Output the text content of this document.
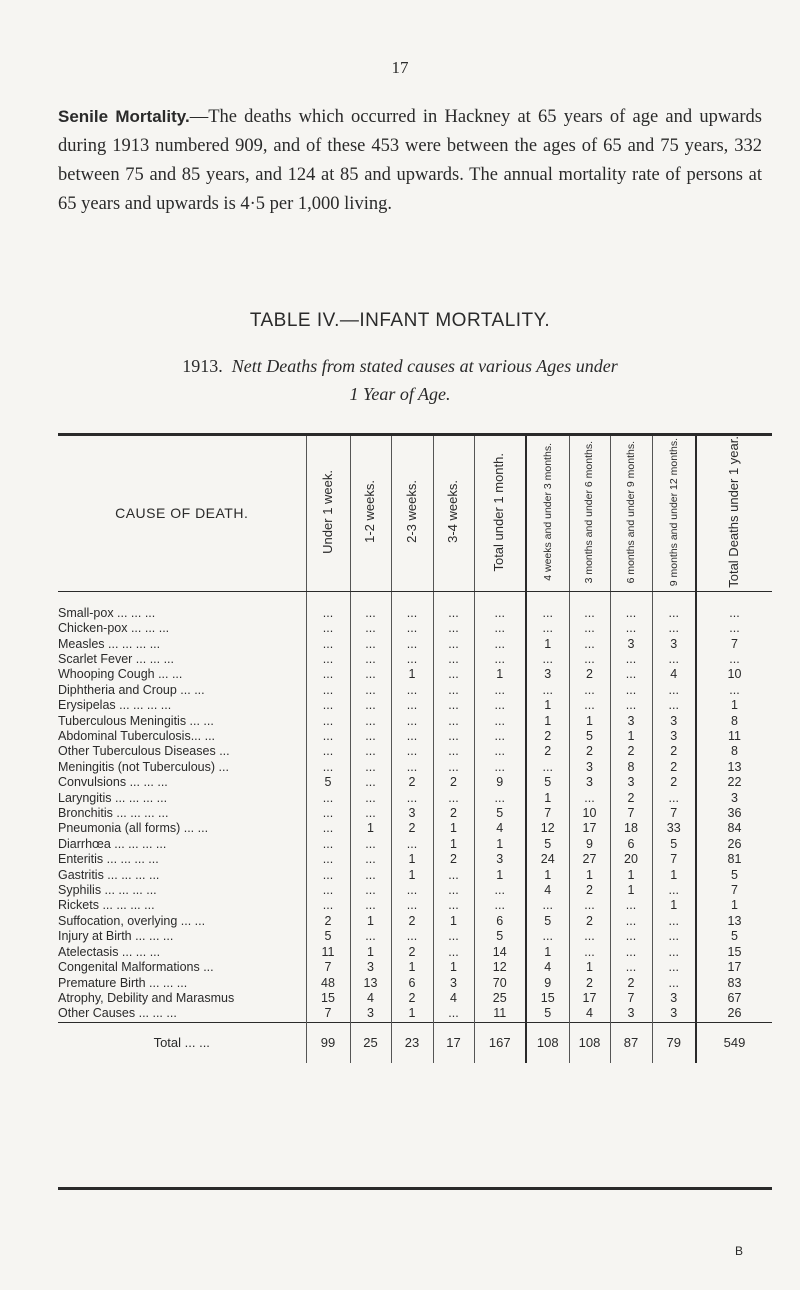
17
Senile Mortality.—The deaths which occurred in Hackney at 65 years of age and upwards during 1913 numbered 909, and of these 453 were between the ages of 65 and 75 years, 332 between 75 and 85 years, and 124 at 85 and upwards. The annual mortality rate of persons at 65 years and upwards is 4·5 per 1,000 living.
TABLE IV.—INFANT MORTALITY.
1913. Nett Deaths from stated causes at various Ages under
1 Year of Age.
CAUSE OF DEATH.	Under 1 week.	1-2 weeks.	2-3 weeks.	3-4 weeks.	Total under 1 month.	4 weeks and under 3 months.	3 months and under 6 months.	6 months and under 9 months.	9 months and under 12 months.	Total Deaths under 1 year.
Small-pox ... ... ...	...	...	...	...	...	...	...	...	...	...
Chicken-pox ... ... ...	...	...	...	...	...	...	...	...	...	...
Measles ... ... ... ...	...	...	...	...	...	1	...	3	3	7
Scarlet Fever ... ... ...	...	...	...	...	...	...	...	...	...	...
Whooping Cough ... ...	...	...	1	...	1	3	2	...	4	10
Diphtheria and Croup ... ...	...	...	...	...	...	...	...	...	...	...
Erysipelas ... ... ... ...	...	...	...	...	...	1	...	...	...	1
Tuberculous Meningitis ... ...	...	...	...	...	...	1	1	3	3	8
Abdominal Tuberculosis... ...	...	...	...	...	...	2	5	1	3	11
Other Tuberculous Diseases ...	...	...	...	...	...	2	2	2	2	8
Meningitis (not Tuberculous) ...	...	...	...	...	...	...	3	8	2	13
Convulsions ... ... ...	5	...	2	2	9	5	3	3	2	22
Laryngitis ... ... ... ...	...	...	...	...	...	1	...	2	...	3
Bronchitis ... ... ... ...	...	...	3	2	5	7	10	7	7	36
Pneumonia (all forms) ... ...	...	1	2	1	4	12	17	18	33	84
Diarrhœa ... ... ... ...	...	...	...	1	1	5	9	6	5	26
Enteritis ... ... ... ...	...	...	1	2	3	24	27	20	7	81
Gastritis ... ... ... ...	...	...	1	...	1	1	1	1	1	5
Syphilis ... ... ... ...	...	...	...	...	...	4	2	1	...	7
Rickets ... ... ... ...	...	...	...	...	...	...	...	...	1	1
Suffocation, overlying ... ...	2	1	2	1	6	5	2	...	...	13
Injury at Birth ... ... ...	5	...	...	...	5	...	...	...	...	5
Atelectasis ... ... ...	11	1	2	...	14	1	...	...	...	15
Congenital Malformations ...	7	3	1	1	12	4	1	...	...	17
Premature Birth ... ... ...	48	13	6	3	70	9	2	2	...	83
Atrophy, Debility and Marasmus	15	4	2	4	25	15	17	7	3	67
Other Causes ... ... ...	7	3	1	...	11	5	4	3	3	26
Total ... ...	99	25	23	17	167	108	108	87	79	549
B
